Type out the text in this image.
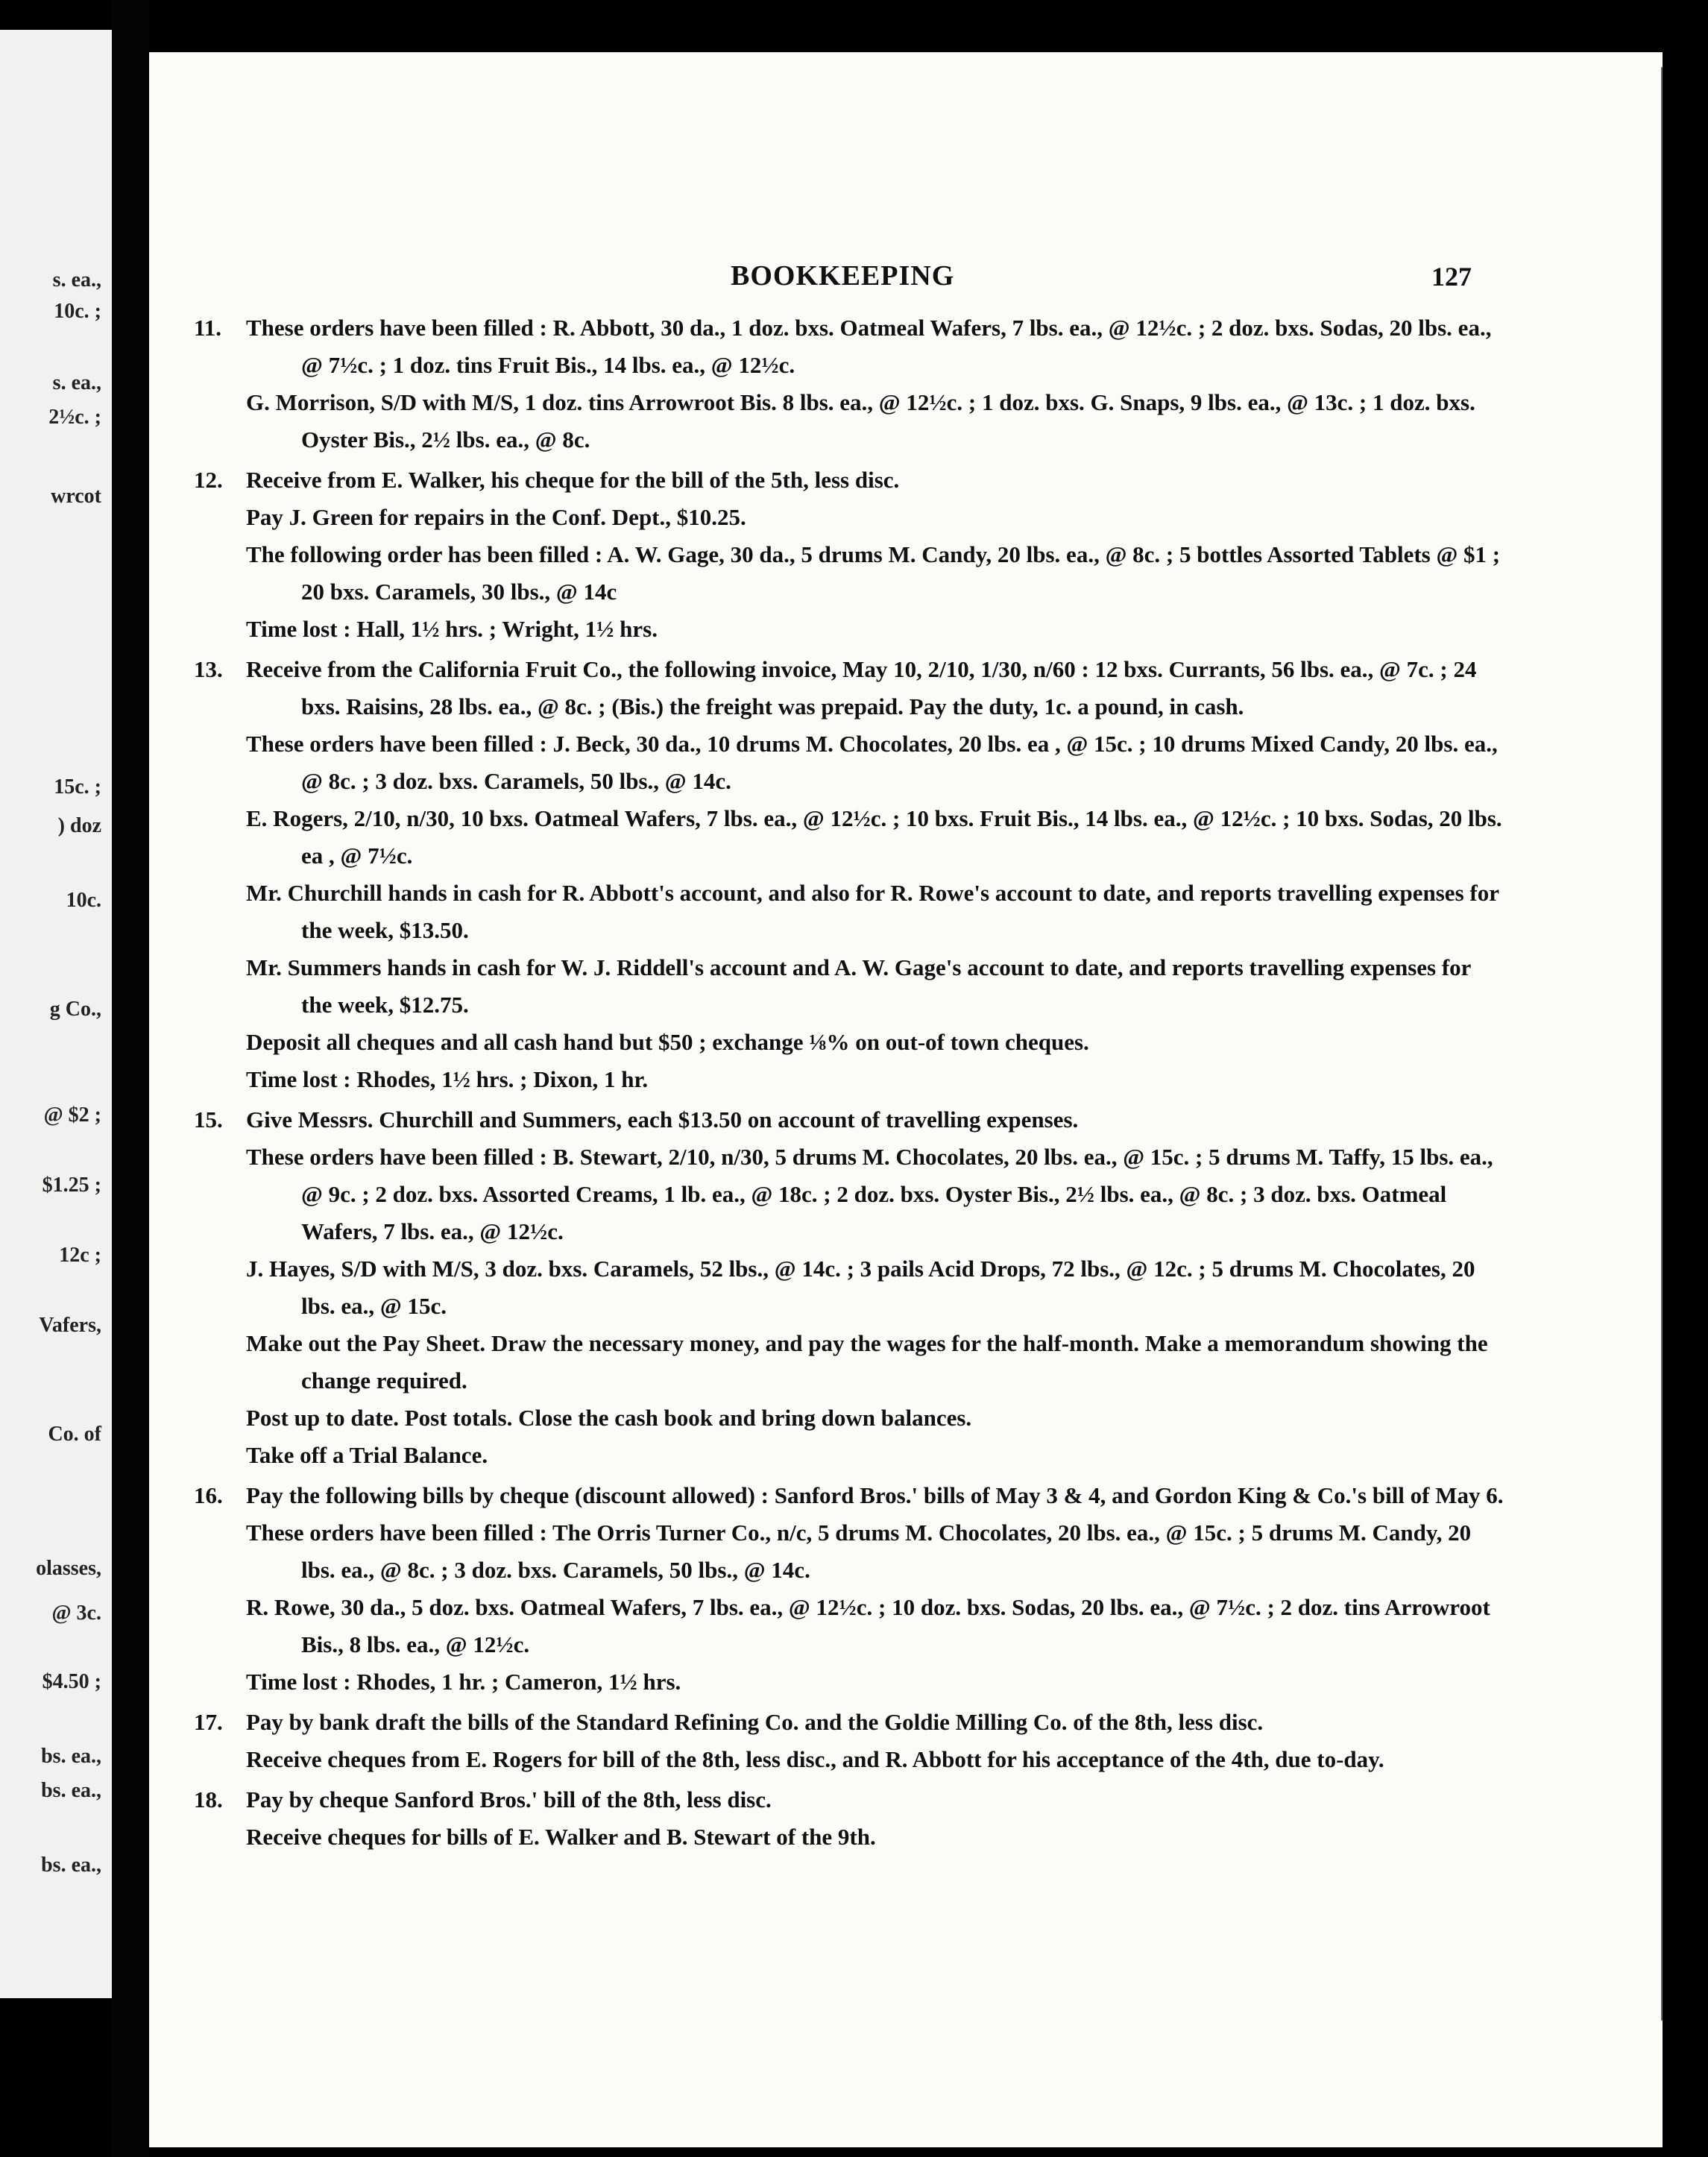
s. ea.,
10c. ;
s. ea.,
2½c. ;
wrcot
15c. ;
) doz
10c.
g Co.,
@ $2 ;
$1.25 ;
12c ;
Vafers,
Co. of
olasses,
@ 3c.
$4.50 ;
bs. ea.,
bs. ea.,
bs. ea.,
BOOKKEEPING	127
11. These orders have been filled : R. Abbott, 30 da., 1 doz. bxs. Oatmeal Wafers, 7 lbs. ea., @ 12½c. ; 2 doz. bxs. Sodas, 20 lbs. ea., @ 7½c. ; 1 doz. tins Fruit Bis., 14 lbs. ea., @ 12½c.

G. Morrison, S/D with M/S, 1 doz. tins Arrowroot Bis. 8 lbs. ea., @ 12½c. ; 1 doz. bxs. G. Snaps, 9 lbs. ea., @ 13c. ; 1 doz. bxs. Oyster Bis., 2½ lbs. ea., @ 8c.

12. Receive from E. Walker, his cheque for the bill of the 5th, less disc.

Pay J. Green for repairs in the Conf. Dept., $10.25.

The following order has been filled : A. W. Gage, 30 da., 5 drums M. Candy, 20 lbs. ea., @ 8c. ; 5 bottles Assorted Tablets @ $1 ; 20 bxs. Caramels, 30 lbs., @ 14c

Time lost : Hall, 1½ hrs. ; Wright, 1½ hrs.

13. Receive from the California Fruit Co., the following invoice, May 10, 2/10, 1/30, n/60 : 12 bxs. Currants, 56 lbs. ea., @ 7c. ; 24 bxs. Raisins, 28 lbs. ea., @ 8c. ; (Bis.) the freight was prepaid. Pay the duty, 1c. a pound, in cash.

These orders have been filled : J. Beck, 30 da., 10 drums M. Chocolates, 20 lbs. ea , @ 15c. ; 10 drums Mixed Candy, 20 lbs. ea., @ 8c. ; 3 doz. bxs. Caramels, 50 lbs., @ 14c.

E. Rogers, 2/10, n/30, 10 bxs. Oatmeal Wafers, 7 lbs. ea., @ 12½c. ; 10 bxs. Fruit Bis., 14 lbs. ea., @ 12½c. ; 10 bxs. Sodas, 20 lbs. ea , @ 7½c.

Mr. Churchill hands in cash for R. Abbott's account, and also for R. Rowe's account to date, and reports travelling expenses for the week, $13.50.

Mr. Summers hands in cash for W. J. Riddell's account and A. W. Gage's account to date, and reports travelling expenses for the week, $12.75.

Deposit all cheques and all cash hand but $50 ; exchange ⅛% on out-of town cheques.

Time lost : Rhodes, 1½ hrs. ; Dixon, 1 hr.

15. Give Messrs. Churchill and Summers, each $13.50 on account of travelling expenses.

These orders have been filled : B. Stewart, 2/10, n/30, 5 drums M. Chocolates, 20 lbs. ea., @ 15c. ; 5 drums M. Taffy, 15 lbs. ea., @ 9c. ; 2 doz. bxs. Assorted Creams, 1 lb. ea., @ 18c. ; 2 doz. bxs. Oyster Bis., 2½ lbs. ea., @ 8c. ; 3 doz. bxs. Oatmeal Wafers, 7 lbs. ea., @ 12½c.

J. Hayes, S/D with M/S, 3 doz. bxs. Caramels, 52 lbs., @ 14c. ; 3 pails Acid Drops, 72 lbs., @ 12c. ; 5 drums M. Chocolates, 20 lbs. ea., @ 15c.

Make out the Pay Sheet. Draw the necessary money, and pay the wages for the half-month. Make a memorandum showing the change required.

Post up to date. Post totals. Close the cash book and bring down balances.

Take off a Trial Balance.

16. Pay the following bills by cheque (discount allowed) : Sanford Bros.' bills of May 3 & 4, and Gordon King & Co.'s bill of May 6.

These orders have been filled : The Orris Turner Co., n/c, 5 drums M. Chocolates, 20 lbs. ea., @ 15c. ; 5 drums M. Candy, 20 lbs. ea., @ 8c. ; 3 doz. bxs. Caramels, 50 lbs., @ 14c.

R. Rowe, 30 da., 5 doz. bxs. Oatmeal Wafers, 7 lbs. ea., @ 12½c. ; 10 doz. bxs. Sodas, 20 lbs. ea., @ 7½c. ; 2 doz. tins Arrowroot Bis., 8 lbs. ea., @ 12½c.

Time lost : Rhodes, 1 hr. ; Cameron, 1½ hrs.

17. Pay by bank draft the bills of the Standard Refining Co. and the Goldie Milling Co. of the 8th, less disc.

Receive cheques from E. Rogers for bill of the 8th, less disc., and R. Abbott for his acceptance of the 4th, due to-day.

18. Pay by cheque Sanford Bros.' bill of the 8th, less disc.

Receive cheques for bills of E. Walker and B. Stewart of the 9th.
